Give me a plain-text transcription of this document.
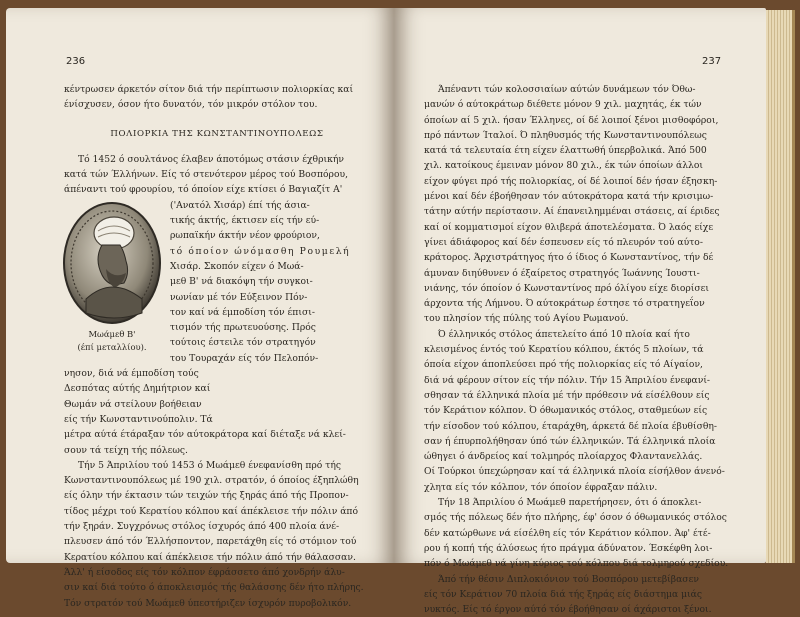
236
κέντρωσεν άρκετόν σίτον διά τήν περίπτωσιν πολιορκίας καί
ένίσχυσεν, όσον ήτο δυνατόν, τόν μικρόν στόλον του.
ΠΟΛΙΟΡΚΙΑ ΤΗΣ ΚΩΝΣΤΑΝΤΙΝΟΥΠΟΛΕΩΣ
Τό 1452 ό σουλτάνος έλαβεν άποτόμως στάσιν έχθρικήν
κατά τών Έλλήνων. Είς τό στενότερον μέρος τού Βοσπόρου,
άπέναντι τού φρουρίου, τό όποίον είχε κτίσει ό Βαγιαζίτ Α'
Μωάμεθ Β'
(έπί μεταλλίου).
('Ανατόλ Χισάρ) έπί τής άσια-
τικής άκτής, έκτισεν είς τήν εύ-
ρωπαϊκήν άκτήν νέον φρούριον,
τό όποίον ώνόμασθη Ρουμελή
Χισάρ. Σκοπόν είχεν ό Μωά-
μεθ Β' νά διακόψη τήν συγκοι-
νωνίαν μέ τόν Εύξεινον Πόν-
τον καί νά έμποδίση τόν έπισι-
τισμόν τής πρωτευούσης. Πρός
τούτοις έστειλε τόν στρατηγόν
του Τουραχάν είς τόν Πελοπόν-
νησον, διά νά έμποδίση τούς
Δεσπότας αύτής Δημήτριον καί
Θωμάν νά στείλουν βοήθειαν
είς τήν Κωνσταντινούπολιν. Τά
μέτρα αύτά έτάραξαν τόν αύτοκράτορα καί διέταξε νά κλεί-
σουν τά τείχη τής πόλεως.
Τήν 5 Άπριλίου τού 1453 ό Μωάμεθ ένεφανίσθη πρό τής
Κωνσταντινουπόλεως μέ 190 χιλ. στρατόν, ό όποίος έξηπλώθη
είς όλην τήν έκτασιν τών τειχών τής ξηράς άπό τής Προπον-
τίδος μέχρι τού Κερατίου κόλπου καί άπέκλεισε τήν πόλιν άπό
τήν ξηράν. Συγχρόνως στόλος ίσχυρός άπό 400 πλοία άνέ-
πλευσεν άπό τόν Έλλήσποντον, παρετάχθη είς τό στόμιον τού
Κερατίου κόλπου καί άπέκλεισε τήν πόλιν άπό τήν θάλασσαν.
Άλλ' ή είσοδος είς τόν κόλπον έφράσσετο άπό χονδρήν άλυ-
σιν καί διά τούτο ό άποκλεισμός τής θαλάσσης δέν ήτο πλήρης.
Τόν στρατόν τού Μωάμεθ ύπεστήριζεν ίσχυρόν πυροβολικόν.
237
Άπέναντι τών κολοσσιαίων αύτών δυνάμεων τόν Όθω-
μανών ό αύτοκράτωρ διέθετε μόνον 9 χιλ. μαχητάς, έκ τών
όποίων αί 5 χιλ. ήσαν Έλληνες, οί δέ λοιποί ξένοι μισθοφόροι,
πρό πάντων Ίταλοί. Ό πληθυσμός τής Κωνσταντινουπόλεως
κατά τά τελευταία έτη είχεν έλαττωθή ύπερβολικά. Άπό 500
χιλ. κατοίκους έμειναν μόνον 80 χιλ., έκ τών όποίων άλλοι
είχον φύγει πρό τής πολιορκίας, οί δέ λοιποί δέν ήσαν έξησκη-
μένοι καί δέν έβοήθησαν τόν αύτοκράτορα κατά τήν κρισιμω-
τάτην αύτήν περίστασιν. Αί έπανειλημμέναι στάσεις, αί έριδες
καί οί κομματισμοί είχον θλιβερά άποτελέσματα. Ό λαός είχε
γίνει άδιάφορος καί δέν έσπευσεν είς τό πλευρόν τού αύτο-
κράτορος. Άρχιστράτηγος ήτο ό ίδιος ό Κωνσταντίνος, τήν δέ
άμυναν διηύθυνεν ό έξαίρετος στρατηγός Ίωάννης Ίουστι-
νιάνης, τόν όποίον ό Κωνσταντίνος πρό όλίγου είχε διορίσει
άρχοντα τής Λήμνου. Ό αύτοκράτωρ έστησε τό στρατηγεΐον
του πλησίον τής πύλης τού Αγίου Ρωμανού.
Ό έλληνικός στόλος άπετελείτο άπό 10 πλοία καί ήτο
κλεισμένος έντός τού Κερατίου κόλπου, έκτός 5 πλοίων, τά
όποία είχον άποπλεύσει πρό τής πολιορκίας είς τό Αίγαίον,
διά νά φέρουν σίτον είς τήν πόλιν. Τήν 15 Άπριλίου ένεφανί-
σθησαν τά έλληνικά πλοία μέ τήν πρόθεσιν νά είσέλθουν είς
τόν Κεράτιον κόλπον. Ό όθωμανικός στόλος, σταθμεύων είς
τήν είσοδον τού κόλπου, έταράχθη, άρκετά δέ πλοία έβυθίσθη-
σαν ή έπυρπολήθησαν ύπό τών έλληνικών. Τά έλληνικά πλοία
ώθηγει ό άνδρείος καί τολμηρός πλοίαρχος Φλαντανελλάς.
Οί Τούρκοι ύπεχώρησαν καί τά έλληνικά πλοία είσήλθον άνενό-
χλητα είς τόν κόλπον, τόν όποίον έφραξαν πάλιν.
Τήν 18 Άπριλίου ό Μωάμεθ παρετήρησεν, ότι ό άποκλει-
σμός τής πόλεως δέν ήτο πλήρης, έφ' όσον ό όθωμανικός στόλος
δέν κατώρθωνε νά είσέλθη είς τόν Κεράτιον κόλπον. Άφ' έτέ-
ρου ή κοπή τής άλύσεως ήτο πράγμα άδύνατον. Έσκέφθη λοι-
πόν ό Μωάμεθ νά γίνη κύριος τού κόλπου διά τολμηρού σχεδίου.
Άπό τήν θέσιν Διπλοκιόνιον τού Βοσπόρου μετεβίβασεν
είς τόν Κεράτιον 70 πλοία διά τής ξηράς είς διάστημα μιάς
νυκτός. Είς τό έργον αύτό τόν έβοήθησαν οί άχάριστοι ξένοι.
